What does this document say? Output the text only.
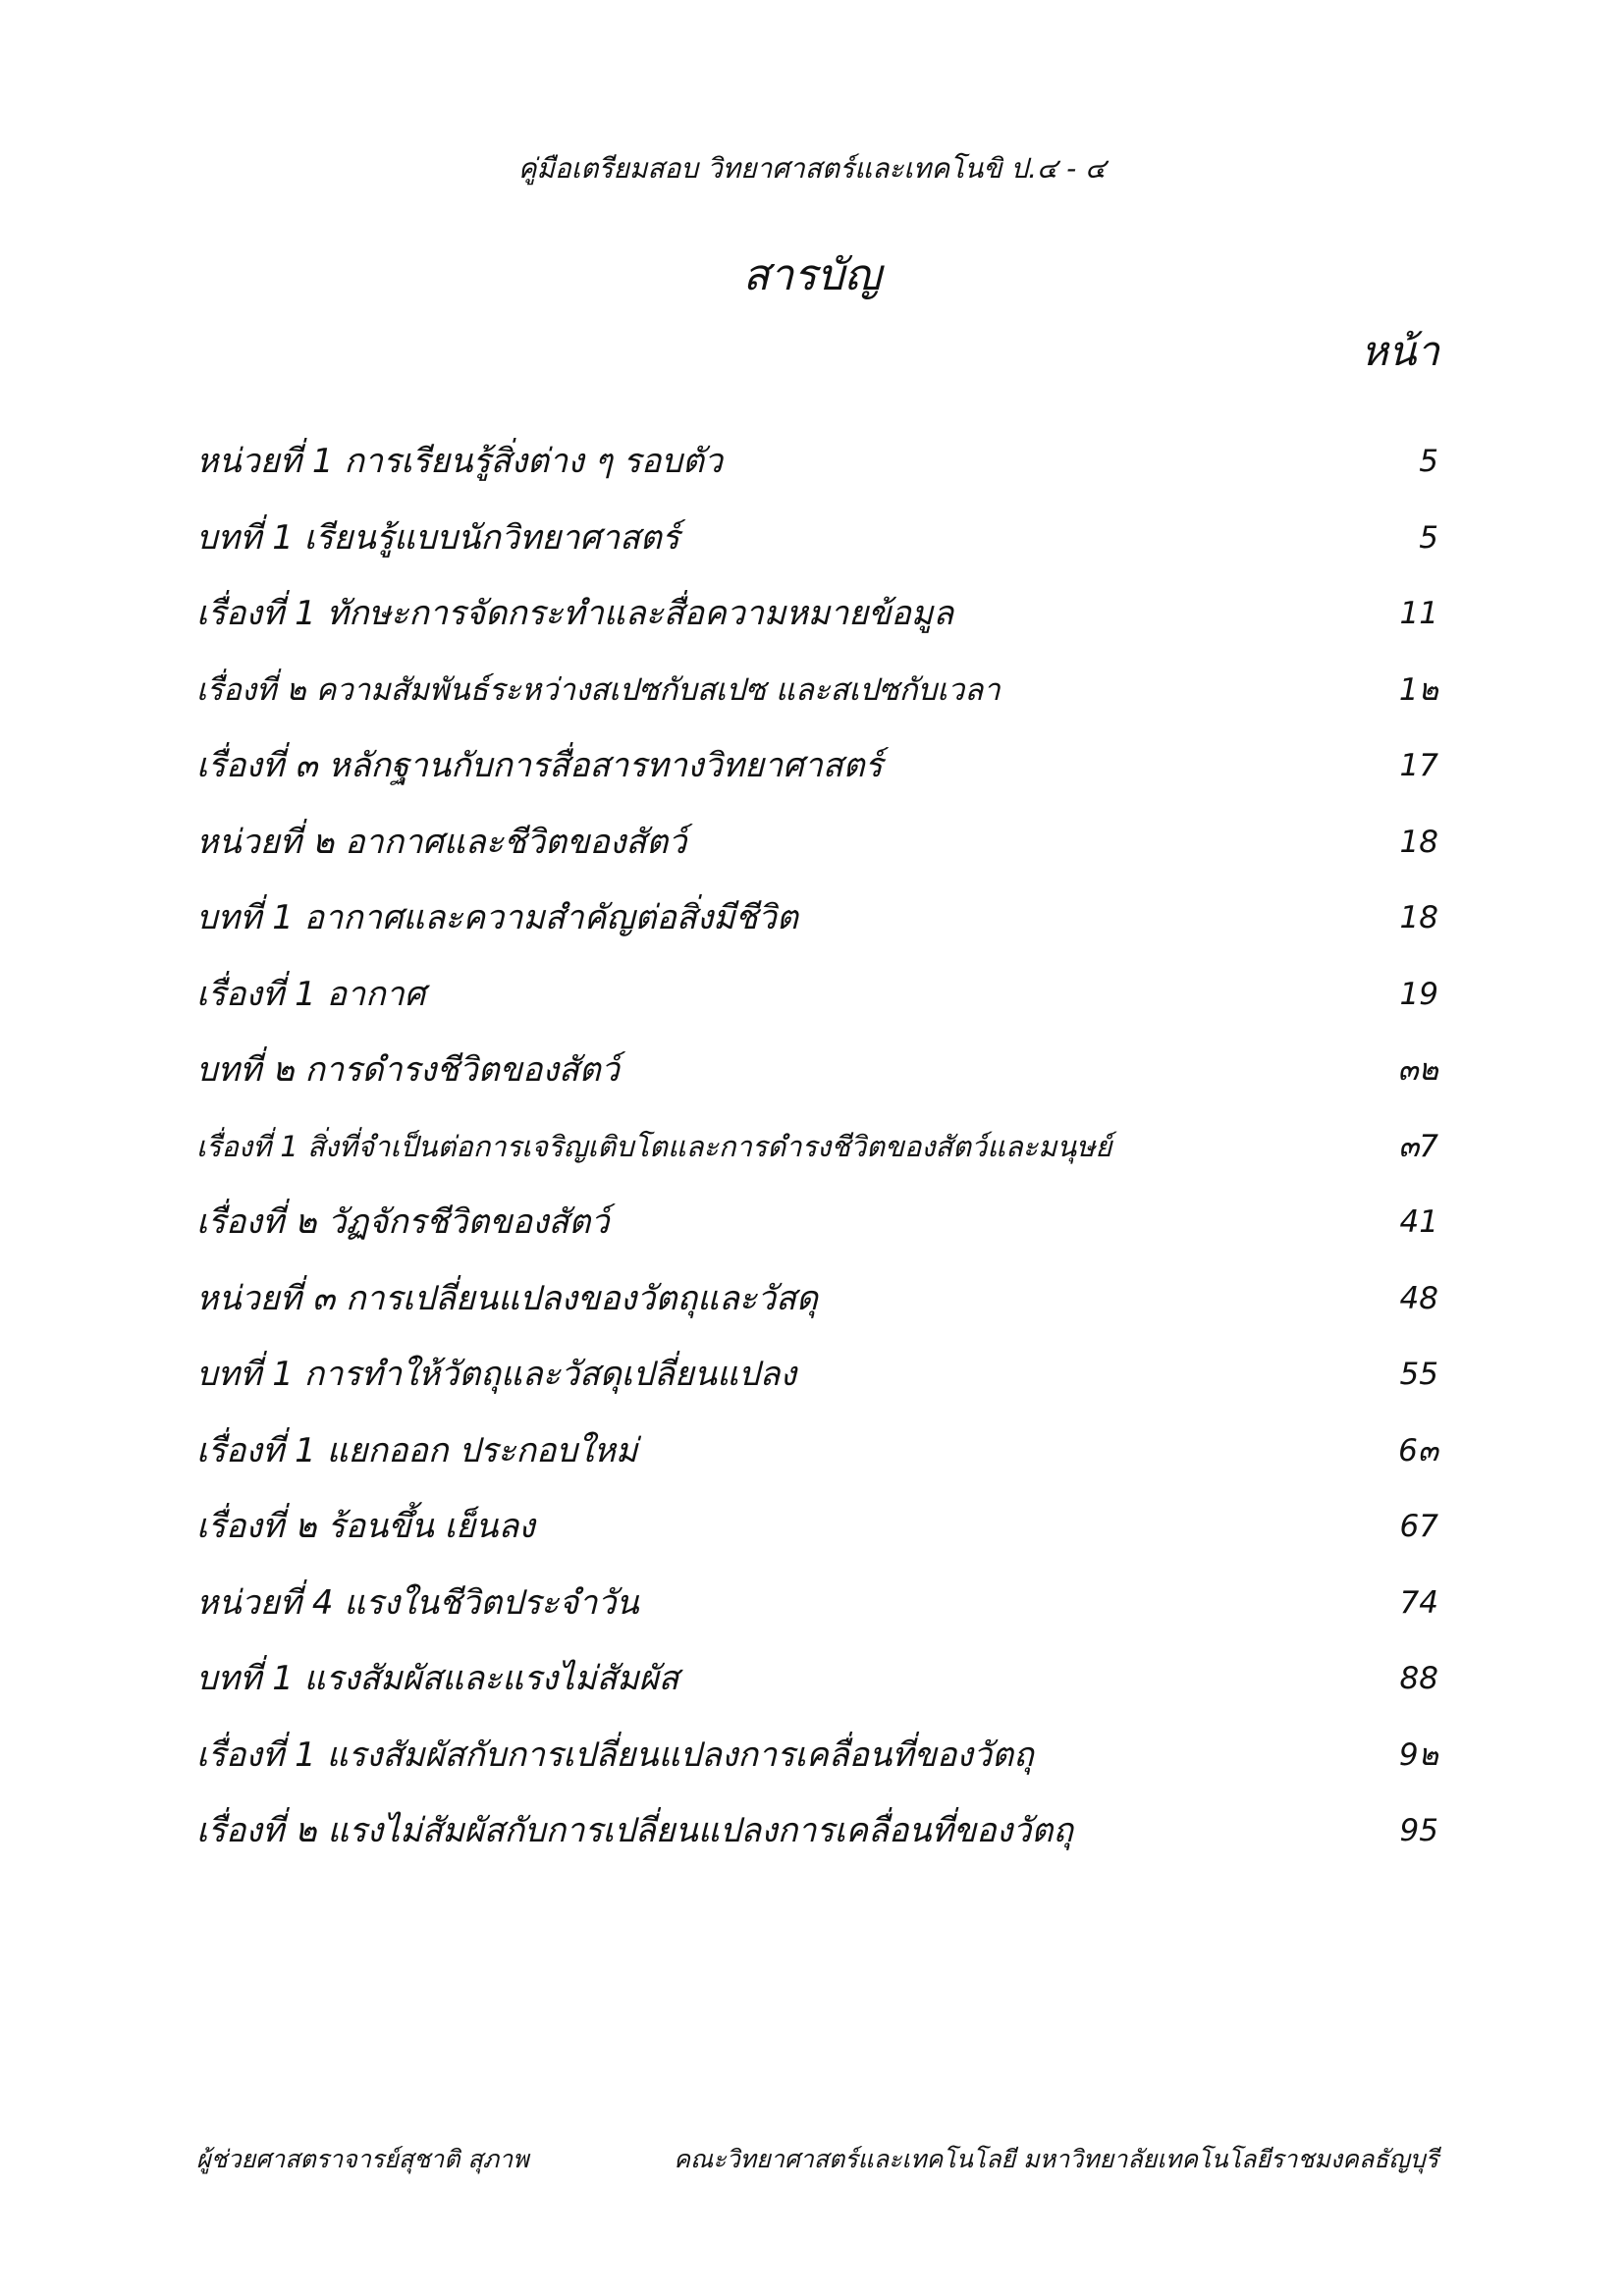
คู่มือเตรียมสอบ วิทยาศาสตร์และเทคโนขิ ป.๔ - ๔
สารบัญ
หน้า
หน่วยที่ 1 การเรียนรู้สิ่งต่าง ๆ รอบตัว	5
บทที่ 1 เรียนรู้แบบนักวิทยาศาสตร์	5
เรื่องที่ 1 ทักษะการจัดกระทำและสื่อความหมายข้อมูล	11
เรื่องที่ ๒ ความสัมพันธ์ระหว่างสเปซกับสเปซ และสเปซกับเวลา	1๒
เรื่องที่ ๓ หลักฐานกับการสื่อสารทางวิทยาศาสตร์	17
หน่วยที่ ๒ อากาศและชีวิตของสัตว์	18
บทที่ 1 อากาศและความสำคัญต่อสิ่งมีชีวิต	18
เรื่องที่ 1 อากาศ	19
บทที่ ๒ การดำรงชีวิตของสัตว์	๓๒
เรื่องที่ 1 สิ่งที่จำเป็นต่อการเจริญเติบโตและการดำรงชีวิตของสัตว์และมนุษย์	๓7
เรื่องที่ ๒ วัฏจักรชีวิตของสัตว์	41
หน่วยที่ ๓ การเปลี่ยนแปลงของวัตถุและวัสดุ	48
บทที่ 1 การทำให้วัตถุและวัสดุเปลี่ยนแปลง	55
เรื่องที่ 1 แยกออก ประกอบใหม่	6๓
เรื่องที่ ๒ ร้อนขึ้น เย็นลง	67
หน่วยที่ 4 แรงในชีวิตประจำวัน	74
บทที่ 1 แรงสัมผัสและแรงไม่สัมผัส	88
เรื่องที่ 1 แรงสัมผัสกับการเปลี่ยนแปลงการเคลื่อนที่ของวัตถุ	9๒
เรื่องที่ ๒ แรงไม่สัมผัสกับการเปลี่ยนแปลงการเคลื่อนที่ของวัตถุ	95
ผู้ช่วยศาสตราจารย์สุชาติ สุภาพ	คณะวิทยาศาสตร์และเทคโนโลยี มหาวิทยาลัยเทคโนโลยีราชมงคลธัญบุรี
